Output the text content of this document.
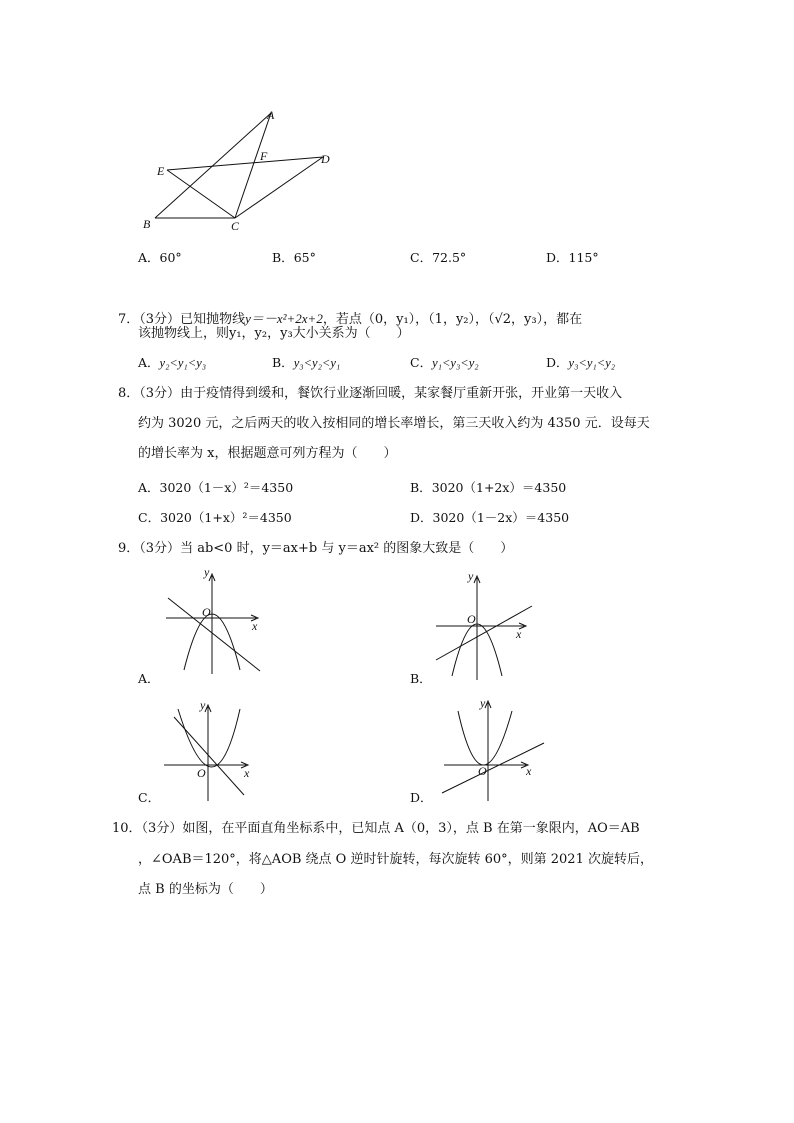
A
F	D
E
B	C
A．60°	B．65°	C．72.5°	D．115°
7．（3分）已知抛物线y＝－x²+2x+2，若点（0，y₁），（1，y₂），（√2，y₃），都在
该抛物线上，则y₁，y₂，y₃大小关系为（　　）
A．y₂<y₁<y₃	B．y₃<y₂<y₁	C．y₁<y₃<y₂	D．y₃<y₁<y₂
8．（3分）由于疫情得到缓和，餐饮行业逐渐回暖，某家餐厅重新开张，开业第一天收入
约为 3020 元，之后两天的收入按相同的增长率增长，第三天收入约为 4350 元．设每天
的增长率为 x，根据题意可列方程为（　　）
A．3020（1－x）²＝4350	B．3020（1+2x）＝4350
C．3020（1+x）²＝4350	D．3020（1－2x）＝4350
9．（3分）当 ab<0 时，y＝ax+b 与 y＝ax² 的图象大致是（　　）
y
O
x
A．
y
O
x
B．
y
O	x
C．
y
O	x
D．
10．（3分）如图，在平面直角坐标系中，已知点 A（0，3），点 B 在第一象限内，AO＝AB
，∠OAB＝120°，将△AOB 绕点 O 逆时针旋转，每次旋转 60°，则第 2021 次旋转后，
点 B 的坐标为（　　）
